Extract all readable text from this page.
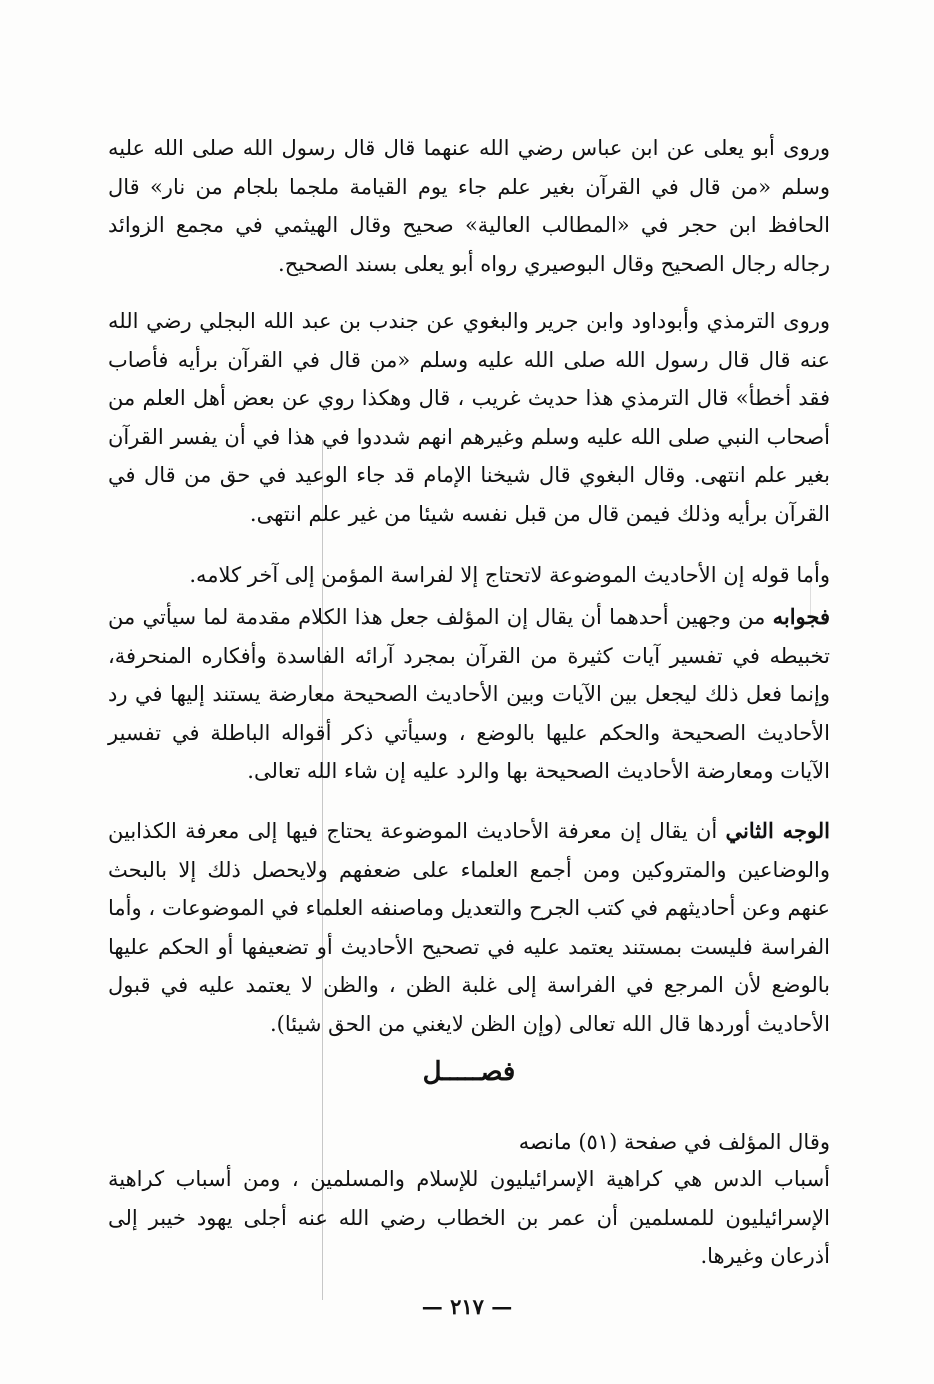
وروى أبو يعلى عن ابن عباس رضي الله عنهما قال قال رسول الله صلى الله عليه وسلم «من قال في القرآن بغير علم جاء يوم القيامة ملجما بلجام من نار» قال الحافظ ابن حجر في «المطالب العالية» صحيح وقال الهيثمي في مجمع الزوائد رجاله رجال الصحيح وقال البوصيري رواه أبو يعلى بسند الصحيح.

وروى الترمذي وأبوداود وابن جرير والبغوي عن جندب بن عبد الله البجلي رضي الله عنه قال قال رسول الله صلى الله عليه وسلم «من قال في القرآن برأيه فأصاب فقد أخطأ» قال الترمذي هذا حديث غريب ، قال وهكذا روي عن بعض أهل العلم من أصحاب النبي صلى الله عليه وسلم وغيرهم انهم شددوا في هذا في أن يفسر القرآن بغير علم انتهى. وقال البغوي قال شيخنا الإمام قد جاء الوعيد في حق من قال في القرآن برأيه وذلك فيمن قال من قبل نفسه شيئا من غير علم انتهى.

وأما قوله إن الأحاديث الموضوعة لاتحتاج إلا لفراسة المؤمن إلى آخر كلامه.

فجوابه من وجهين أحدهما أن يقال إن المؤلف جعل هذا الكلام مقدمة لما سيأتي من تخبيطه في تفسير آيات كثيرة من القرآن بمجرد آرائه الفاسدة وأفكاره المنحرفة، وإنما فعل ذلك ليجعل بين الآيات وبين الأحاديث الصحيحة معارضة يستند إليها في رد الأحاديث الصحيحة والحكم عليها بالوضع ، وسيأتي ذكر أقواله الباطلة في تفسير الآيات ومعارضة الأحاديث الصحيحة بها والرد عليه إن شاء الله تعالى.

الوجه الثاني أن يقال إن معرفة الأحاديث الموضوعة يحتاج فيها إلى معرفة الكذابين والوضاعين والمتروكين ومن أجمع العلماء على ضعفهم ولايحصل ذلك إلا بالبحث عنهم وعن أحاديثهم في كتب الجرح والتعديل وماصنفه العلماء في الموضوعات ، وأما الفراسة فليست بمستند يعتمد عليه في تصحيح الأحاديث أو تضعيفها أو الحكم عليها بالوضع لأن المرجع في الفراسة إلى غلبة الظن ، والظن لا يعتمد عليه في قبول الأحاديث أوردها قال الله تعالى (وإن الظن لايغني من الحق شيئا).

فصـــــل

وقال المؤلف في صفحة (٥١) مانصه

أسباب الدس هي كراهية الإسرائيليون للإسلام والمسلمين ، ومن أسباب كراهية الإسرائيليون للمسلمين أن عمر بن الخطاب رضي الله عنه أجلى يهود خيبر إلى أذرعان وغيرها.

— ٢١٧ —
